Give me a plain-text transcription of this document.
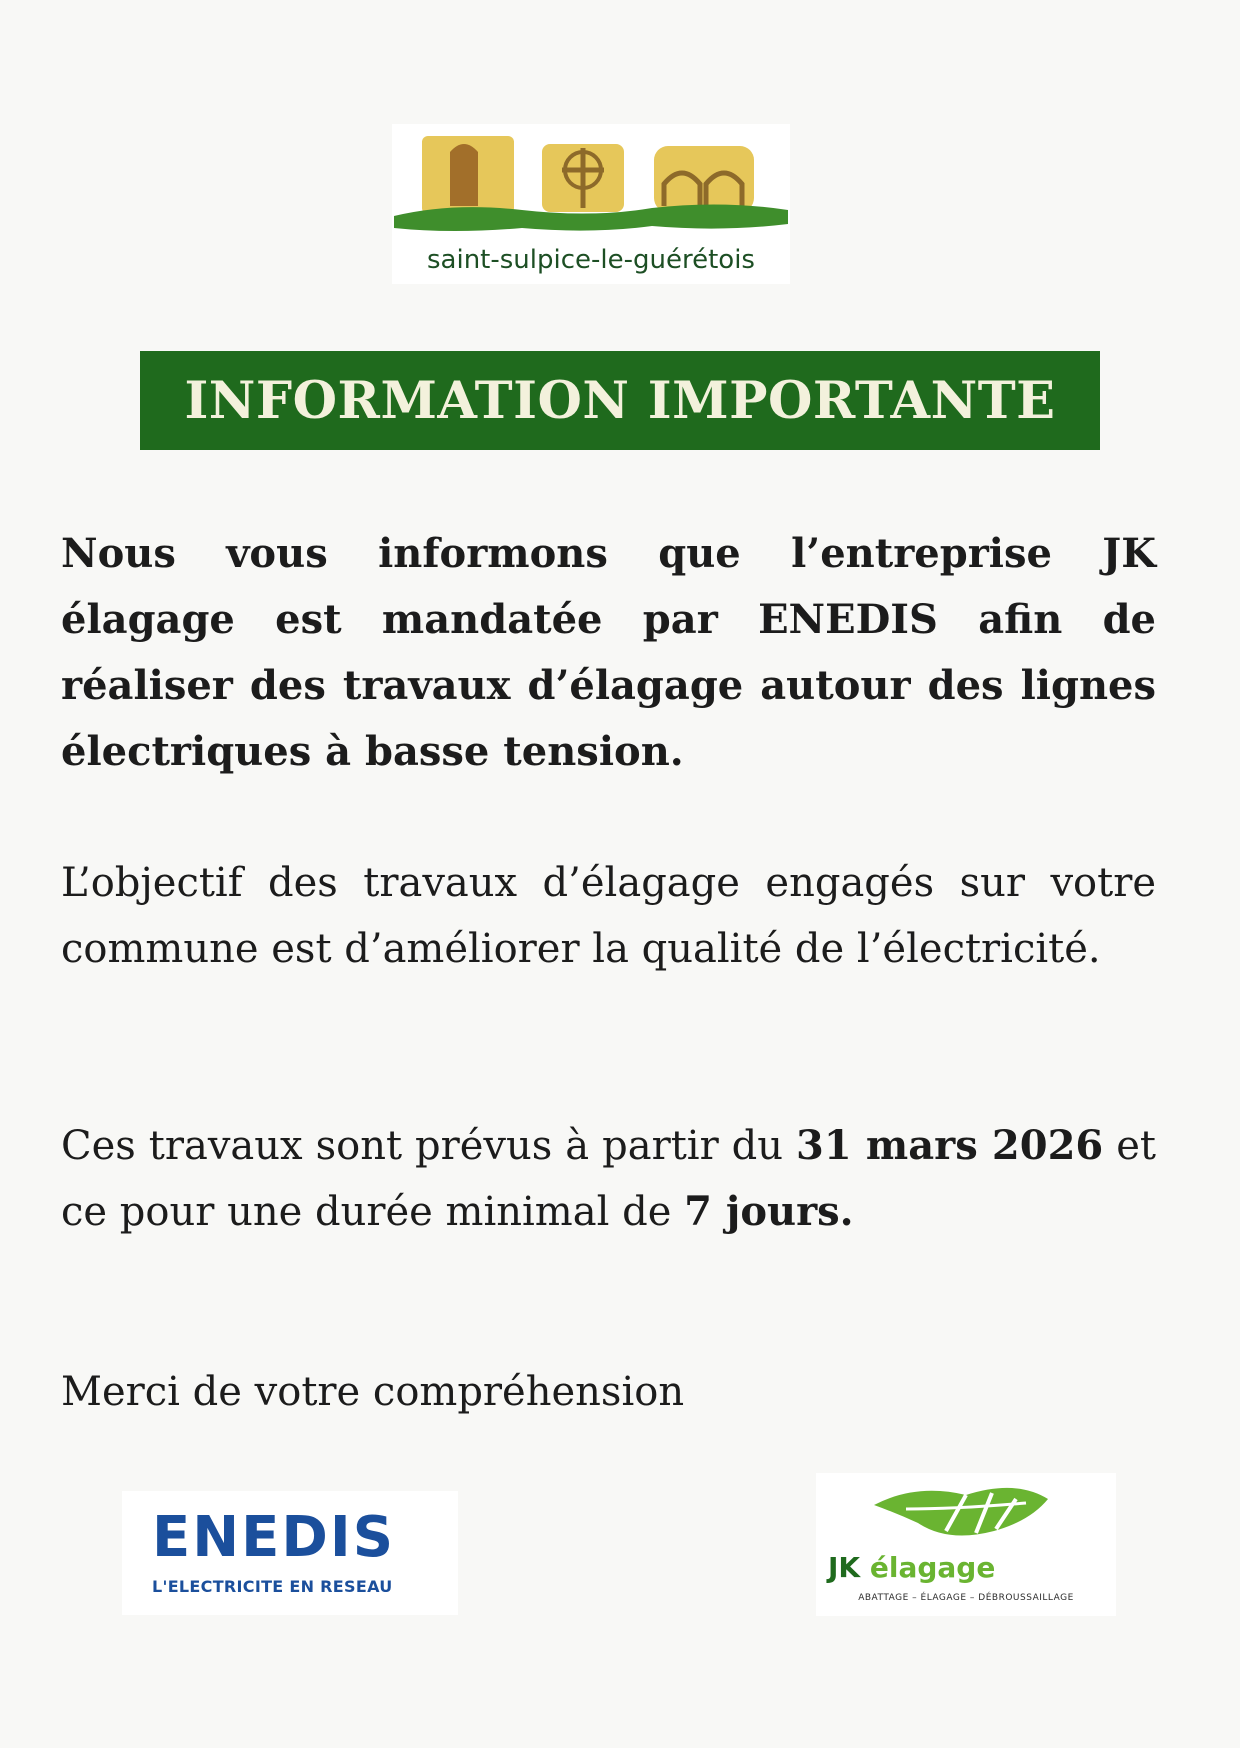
saint-sulpice-le-guérétois
INFORMATION IMPORTANTE

Nous vous informons que l’entreprise JK élagage est mandatée par ENEDIS afin de réaliser des travaux d’élagage autour des lignes électriques à basse tension.

L’objectif des travaux d’élagage engagés sur votre commune est d’améliorer la qualité de l’électricité.

Ces travaux sont prévus à partir du 31 mars 2026 et ce pour une durée minimal de 7 jours.

Merci de votre compréhension

ENEDIS
L'ELECTRICITE EN RESEAU
JK élagage
ABATTAGE – ÉLAGAGE – DÉBROUSSAILLAGE
